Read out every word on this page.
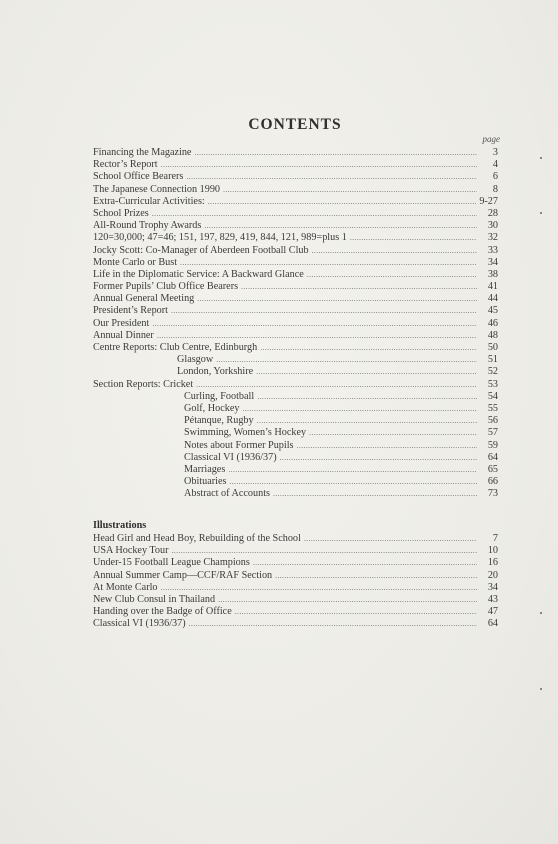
CONTENTS
page
Financing the Magazine .....	3
Rector’s Report .....	4
School Office Bearers .....	6
The Japanese Connection 1990 .....	8
Extra-Curricular Activities: .....	9-27
School Prizes .....	28
All-Round Trophy Awards .....	30
120=30,000; 47=46; 151, 197, 829, 419, 844, 121, 989=plus 1 .....	32
Jocky Scott: Co-Manager of Aberdeen Football Club .....	33
Monte Carlo or Bust .....	34
Life in the Diplomatic Service: A Backward Glance .....	38
Former Pupils’ Club Office Bearers .....	41
Annual General Meeting .....	44
President’s Report .....	45
Our President .....	46
Annual Dinner .....	48
Centre Reports: Club Centre, Edinburgh .....	50
Glasgow .....	51
London, Yorkshire .....	52
Section Reports: Cricket .....	53
Curling, Football .....	54
Golf, Hockey .....	55
Pétanque, Rugby .....	56
Swimming, Women’s Hockey .....	57
Notes about Former Pupils .....	59
Classical VI (1936/37) .....	64
Marriages .....	65
Obituaries .....	66
Abstract of Accounts .....	73
Illustrations
Head Girl and Head Boy, Rebuilding of the School .....	7
USA Hockey Tour .....	10
Under-15 Football League Champions .....	16
Annual Summer Camp—CCF/RAF Section .....	20
At Monte Carlo .....	34
New Club Consul in Thailand .....	43
Handing over the Badge of Office .....	47
Classical VI (1936/37) .....	64
